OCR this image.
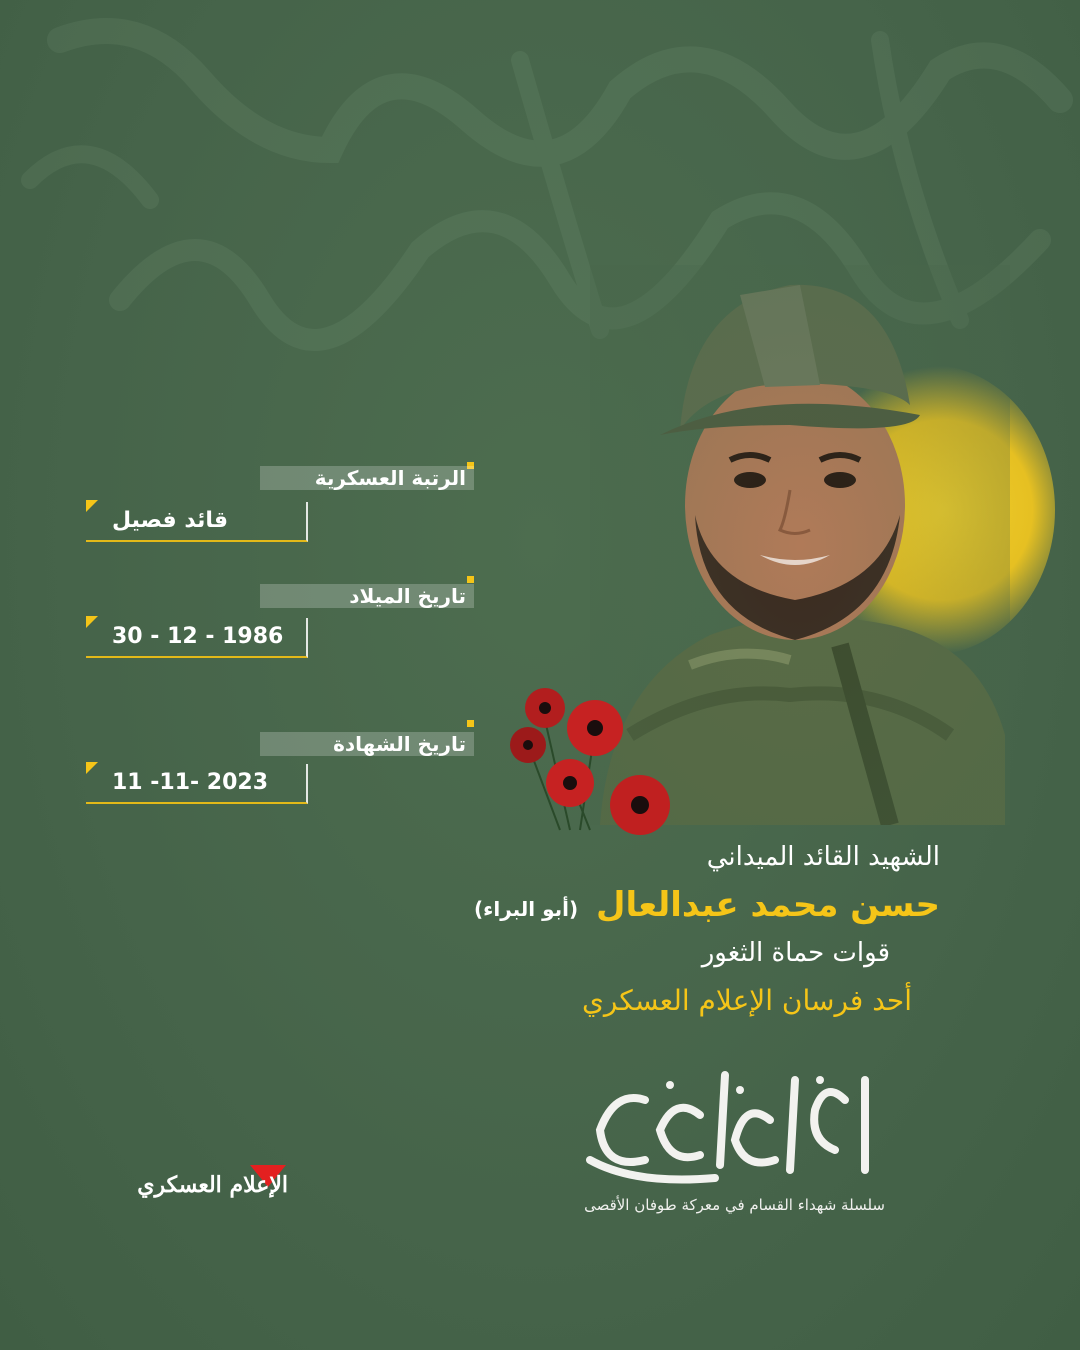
الرتبة العسكرية
قائد فصيل
تاريخ الميلاد
30 - 12 - 1986
تاريخ الشهادة
11 -11- 2023
الشهيد القائد الميداني
حسن محمد عبدالعال (أبو البراء)
قوات حماة الثغور
أحد فرسان الإعلام العسكري
سلسلة شهداء القسام في معركة طوفان الأقصى
الإعلام العسكري
